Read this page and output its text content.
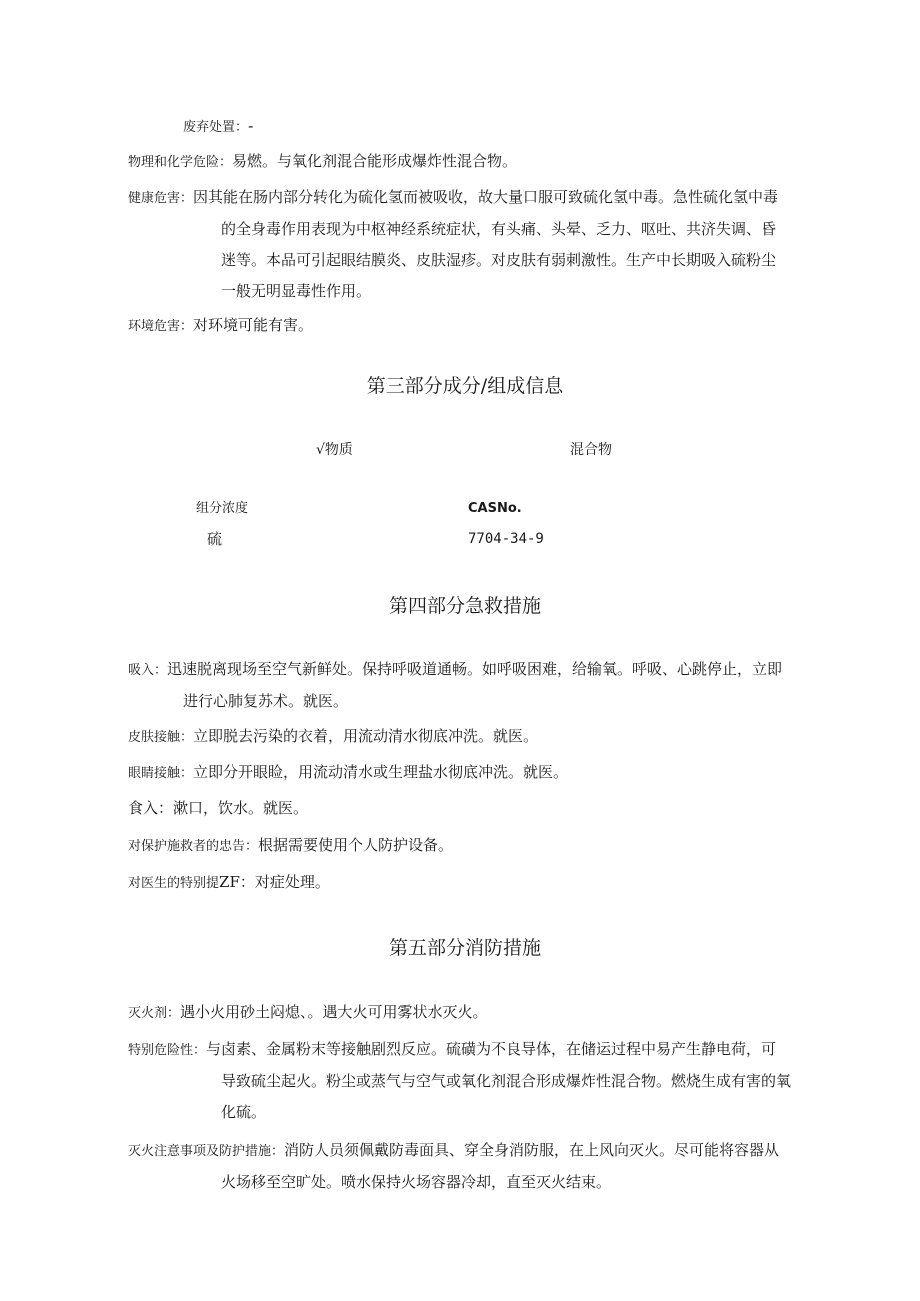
废弃处置：-
物理和化学危险：易燃。与氧化剂混合能形成爆炸性混合物。
健康危害：因其能在肠内部分转化为硫化氢而被吸收，故大量口服可致硫化氢中毒。急性硫化氢中毒
的全身毒作用表现为中枢神经系统症状，有头痛、头晕、乏力、呕吐、共济失调、昏
迷等。本品可引起眼结膜炎、皮肤湿疹。对皮肤有弱刺激性。生产中长期吸入硫粉尘
一般无明显毒性作用。
环境危害：对环境可能有害。
第三部分成分/组成信息
√物质	混合物
组分浓度	CASNo.
硫	7704-34-9
第四部分急救措施
吸入：迅速脱离现场至空气新鲜处。保持呼吸道通畅。如呼吸困难，给输氧。呼吸、心跳停止，立即
进行心肺复苏术。就医。
皮肤接触：立即脱去污染的衣着，用流动清水彻底冲洗。就医。
眼睛接触：立即分开眼睑，用流动清水或生理盐水彻底冲洗。就医。
食入：漱口，饮水。就医。
对保护施救者的忠告：根据需要使用个人防护设备。
对医生的特别提ZF：对症处理。
第五部分消防措施
灭火剂：遇小火用砂土闷熄、。遇大火可用雾状水灭火。
特别危险性：与卤素、金属粉末等接触剧烈反应。硫磺为不良导体，在储运过程中易产生静电荷，可
导致硫尘起火。粉尘或蒸气与空气或氧化剂混合形成爆炸性混合物。燃烧生成有害的氧
化硫。
灭火注意事项及防护措施：消防人员须佩戴防毒面具、穿全身消防服，在上风向灭火。尽可能将容器从
火场移至空旷处。喷水保持火场容器冷却，直至灭火结束。
